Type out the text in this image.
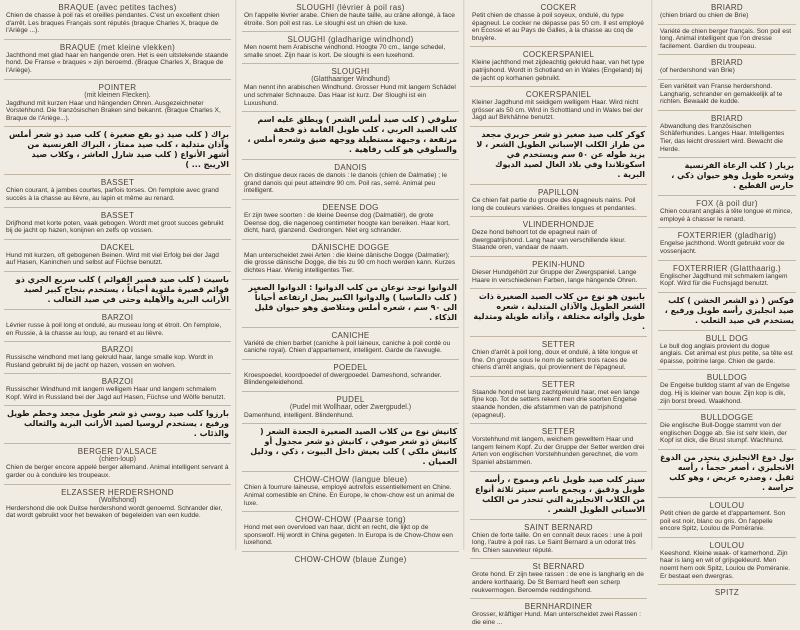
BRAQUE (avec petites taches)
Chien de chasse à poil ras et oreilles pendantes. C'est un excellent chien d'arrêt. Les braques Français sont réputés (braque Charles X, braque de l'Ariège ...).
BRAQUE (met kleine vlekken)
Jachthond met glad haar en hangende oren. Het is een uitstekende staande hond. De Franse « braques » zijn beroemd. (Braque Charles X, Braque de l'Ariège).
POINTER
(mit kleinen Flecken).
Jagdhund mit kurzen Haar und hängenden Ohren. Ausgezeichneter Vorstehhund. Die französischen Braken sind bekannt. (Braque Charles X, Braque de l'Ariège...).
براك ( كلب صيد ذو بقع صغيرة ) كلب صيد ذو شعر أملس وآذان متدلية ، كلب صيد ممتاز ، البراك الفرنسية من أشهر الأنواع ( كلب صيد شارل العاشر ، وكلاب صيد الاريبج ... )
BASSET
Chien courant, à jambes courtes, parfois torses. On l'emploie avec grand succès à la chasse au lièvre, au lapin et même au renard.
BASSET
Drijfhond met korte poten, vaak gebogen. Wordt met groot succes gebruikt bij de jacht op hazen, konijnen en zelfs op vossen.
DACKEL
Hund mit kurzen, oft gebogenen Beinen. Wird mit viel Erfolg bei der Jagd auf Hasen, Kaninchen und selbst auf Füchse benutzt.
باسيت ( كلب صيد قصير القوائم ) كلب سريع الجري ذو قوائم قصيرة ملتوية أحياناً ، يستخدم بنجاح كبير لصيد الأرانب البرية والأهلية وحتى في صيد الثعالب .
BARZOI
Lévrier russe à poil long et ondulé, au museau long et étroit. On l'emploie, en Russie, à la chasse au loup, au renard et au lièvre.
BARZOI
Russische windhond met lang gekruld haar, lange smalle kop. Wordt in Rusland gebruikt bij de jacht op hazen, vossen en wolven.
BARZOI
Russischer Windhund mit langem welligem Haar und langem schmalem Kopf. Wird in Russland bei der Jagd auf Hasen, Füchse und Wölfe benutzt.
بارزوا كلب صيد روسي ذو شعر طويل مجعد وخطم طويل ورفيع ، يستخدم لروسيا لصيد الأرانب البرية والثعالب والذئاب .
BERGER D'ALSACE
(chien-loup)
Chien de berger encore appelé berger allemand. Animal intelligent servant à garder ou à conduire les troupeaux.
ELZASSER HERDERSHOND
(Wolfshond)
Herdershond die ook Duitse herdershond wordt genoemd. Schrander dier, dat wordt gebruikt voor het bewaken of begeleiden van een kudde.
SLOUGHI (lévrier à poil ras)
On l'appelle lévrier arabe. Chien de haute taille, au crâne allongé, à face étroite. Son poil est ras. Le sloughi est un chien de luxe.
SLOUGHI (gladharige windhond)
Men noemt hem Arabische windhond. Hoogte 70 cm., lange schedel, smalle snoet. Zijn haar is kort. De sloughi is een luxehond.
SLOUGHI
(Glatthaariger Windhund)
Man nennt ihn arabischen Windhund. Grosser Hund mit langem Schädel und schmaler Schnauze. Das Haar ist kurz. Der Sloughi ist ein Luxushund.
سلوقي ( كلب صيد أملس الشعر ) ويطلق عليه اسم كلب الصيد العربي ، كلب طويل القامة ذو قحفة مرتفعة ، وجبهة مستطيلة ووجهه ضيق وشعره أملس ، والسلوقي هو كلب رفاهية .
DANOIS
On distingue deux races de danois : le danois (chien de Dalmatie) ; le grand danois qui peut atteindre 90 cm. Poil ras, serré. Animal peu intelligent.
DEENSE DOG
Er zijn twee soorten : de kleine Deense dog (Dalmatiër), de grote Deense dog, die nagenoeg centimeter hoogte kan bereiken. Haar kort, dicht, hard, glanzend. Gedrongen. Niet erg schrander.
DÄNISCHE DOGGE
Man unterscheidet zwei Arten : die kleine dänische Dogge (Dalmatier); die grosse dänische Dogge, die bis zu 90 cm hoch werden kann. Kurzes dichtes Haar. Wenig intelligentes Tier.
الدوانوا نوجد نوعان من كلب الدوانوا : الدوانوا الصغير ( كلب دالماسيا ) والدوانوا الكبير يصل ارتفاعه أحياناً الى ٩٠ سم ، شعره أملس ومتلاصق وهو حيوان قليل الذكاء .
CANICHE
Variété de chien barbet (caniche à poil laineux, caniche à poil cordé ou caniche royal). Chien d'appartement, intelligent. Garde de l'aveugle.
POEDEL
Kroespoedel, koordpoedel of dwergpoedel. Dameshond, schrander. Blindengeleidehond.
PUDEL
(Pudel mit Wollhaar, oder Zwergpudel.)
Damenhund, intelligent. Blindenhund.
كانيش نوع من كلاب الصيد الصغيرة الجعدة الشعر ( كانيش ذو شعر صوفي ، كانيش ذو شعر مجدول أو كانيش ملكي ) كلب يعيش داخل البيوت ، ذكي ، ودليل العميان .
CHOW-CHOW (langue bleue)
Chien à fourrure laineuse, employé autrefois essentiellement en Chine. Animal comestible en Chine. En Europe, le chow-chow est un animal de luxe.
CHOW-CHOW (Paarse tong)
Hond met een overvloed van haar, dicht en recht, die lijkt op de sponswolf. Hij wordt in China gegeten. In Europa is de Chow-Chow een luxehond.
CHOW-CHOW (blaue Zunge)
COCKER
Petit chien de chasse à poil soyeux, ondulé, du type épagneul. Le cocker ne dépasse pas 50 cm. Il est employé en Ecosse et au Pays de Galles, à la chasse au coq de bruyère.
COCKERSPANIEL
Kleine jachthond met zijdeachtig gekruld haar, van het type patrijshond. Wordt in Schotland en in Wales (Engeland) bij de jacht op korhanen gebruikt.
COKERSPANIEL
Kleiner Jagdhund mit seidigem welligem Haar. Wird nicht grösser als 50 cm. Wird in Schottland und in Wales bei der Jagd auf Birkhähne benutzt.
كوكر كلب صيد صغير ذو شعر حريري مجعد من طراز الكلب الإسباني الطويل الشعر ، لا يزيد طوله عن ٥٠ سم ويستخدم في اسكوتلاندا وفي بلاد الغال لصيد الديوك البرية .
PAPILLON
Ce chien fait partie du groupe des épagneuls nains. Poil long de couleurs variées. Oreilles longues et pendantes.
VLINDERHONDJE
Deze hond behoort tot de epagneul nain of dwergpatrijshond. Lang haar van verschillende kleur. Staande oren, vandaar de naam.
PEKIN-HUND
Dieser Hundgehört zur Gruppe der Zwergspaniel. Lange Haare in verschiedenen Farben, lange hängende Ohren.
بابيون هو نوع من كلاب الصيد الصغيرة ذات الشعر الطويل والآذان المتدلية ، شعره طويل وألوانه مختلفة ، وآذانه طويلة ومتدلية .
SETTER
Chien d'arrêt à poil long, doux et ondulé, à tête longue et fine. On groupe sous le nom de setters trois races de chiens d'arrêt anglais, qui proviennent de l'épagneul.
SETTER
Staande hond met lang zachtgekruld haar, met een lange fijne kop. Tot de setters rekent men drie soorten Engelse staande honden, die afstammen van de patrijshond (epagneul).
SETTER
Vorstehhund mit langem, weichem gewelltem Haar und langem feinem Kopf. Zu der Gruppe der Setter werden drei Arten von englischen Vorstehhunden gerechnet, die vom Spaniel abstammen.
سيتر كلب صيد طويل ناعم ومموج ، رأسه طويل ودقيق ، ويجمع باسم سيتر ثلاثة أنواع من الكلاب الانجليزية التي تنحدر من الكلب الاسباني الطويل الشعر .
SAINT BERNARD
Chien de forte taille. On en connaît deux races : une à poil long, l'autre à poil ras. Le Saint Bernard a un odorat très fin. Chien sauveteur réputé.
St BERNARD
Grote hond. Er zijn twee rassen : de ene is langharig en de andere korthaarig. De St Bernard heeft een scherp reukvermogen. Beroemde reddingshond.
BERNHARDINER
Grosser, kräftiger Hund. Man unterscheidet zwei Rassen : die eine ...
BRIARD
(chien briard ou chien de Brie)
Variété de chien berger français. Son poil est long. Animal intelligent que l'on dresse facilement. Gardien du troupeau.
BRIARD
(of herdershond van Brie)
Een variëteit van Franse herdershond. Langharig, schrander en gemakkelijk af te richten. Bewaakt de kudde.
BRIARD
Abwandlung des französischen Schäferhundes. Langes Haar. Intelligentes Tier, das leicht dressiert wird. Bewacht die Herde.
بريار ( كلب الرعاة الفرنسية وشعره طويل وهو حيوان ذكي ، حارس القطيع .
FOX (à poil dur)
Chien courant anglais à tête longue et mince, employé à chasser le renard.
FOXTERRIER (gladharig)
Engelse jachthond. Wordt gebruikt voor de vossenjacht.
FOXTERRIER (Glatthaarig.)
Englischer Jagdhund mit schmalem langem Kopf. Wird für die Fuchsjagd benutzt.
فوكس ( ذو الشعر الخشن ) كلب صيد انجليزي رأسه طويل ورفيع ، يستخدم في صيد الثعلب .
BULL DOG
Le bull dog anglais provient du dogue anglais. Cet animal est plus petite, sa tête est épaisse, poitrine large. Chien de garde.
BULLDOG
De Engelse bulldog stamt af van de Engelse dog. Hij is kleiner van bouw. Zijn kop is dik, zijn borst breed. Waakhond.
BULLDOGGE
Die englische Bull-Dogge stammt von der englischen Dogge ab. Sie ist sehr klein, der Kopf ist dick, die Brust stumpf. Wachhund.
بول دوغ الانجليزي ينحدر من الدوغ الانجليزي ، أصغر حجماً ، رأسه ثقيل ، وصدره عريض ، وهو كلب حراسة .
LOULOU
Petit chien de garde et d'appartement. Son poil est noir, blanc ou gris. On l'appelle encore Spitz, Loulou de Poméranie.
LOULOU
Keeshond. Kleine waak- of kamerhond. Zijn haar is lang en wit of grijsgekleurd. Men noemt hem ook Spitz, Loulou de Poméranie. Er bestaat een dwergras.
SPITZ
